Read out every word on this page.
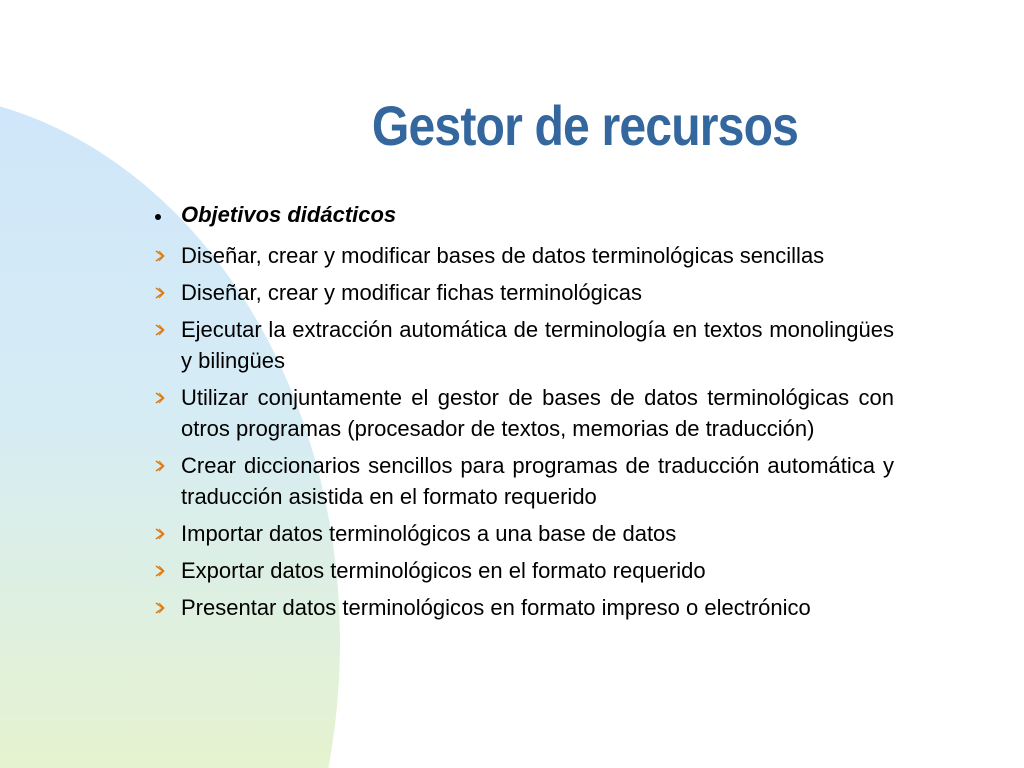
Gestor de recursos
Objetivos didácticos
Diseñar, crear y modificar bases de datos terminológicas sencillas
Diseñar, crear y modificar fichas terminológicas
Ejecutar la extracción automática de terminología en textos monolingües y bilingües
Utilizar conjuntamente el gestor de bases de datos terminológicas con otros programas (procesador de textos, memorias de traducción)
Crear diccionarios sencillos para programas de traducción automática y traducción asistida en el formato requerido
Importar datos terminológicos a una base de datos
Exportar datos terminológicos en el formato requerido
Presentar datos terminológicos en formato impreso o electrónico
